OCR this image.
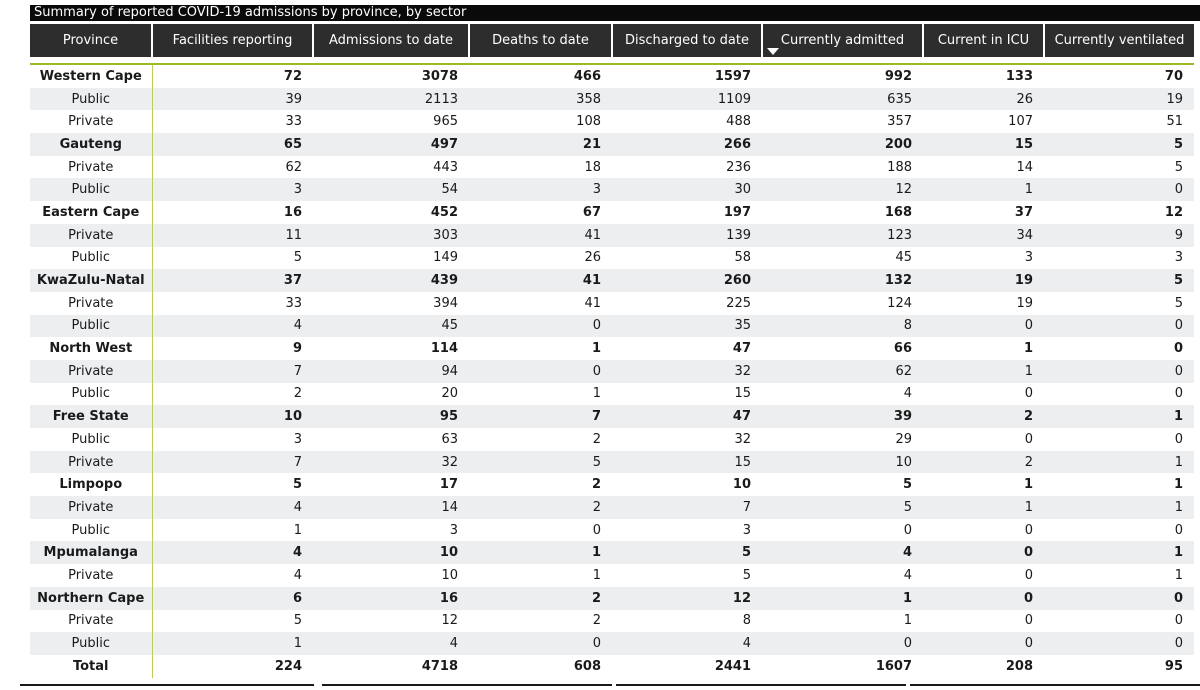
Summary of reported COVID-19 admissions by province, by sector
Province	Facilities reporting	Admissions to date	Deaths to date	Discharged to date	Currently admitted	Current in ICU	Currently ventilated

Western Cape	72	3078	466	1597	992	133	70
Public	39	2113	358	1109	635	26	19
Private	33	965	108	488	357	107	51
Gauteng	65	497	21	266	200	15	5
Private	62	443	18	236	188	14	5
Public	3	54	3	30	12	1	0
Eastern Cape	16	452	67	197	168	37	12
Private	11	303	41	139	123	34	9
Public	5	149	26	58	45	3	3
KwaZulu-Natal	37	439	41	260	132	19	5
Private	33	394	41	225	124	19	5
Public	4	45	0	35	8	0	0
North West	9	114	1	47	66	1	0
Private	7	94	0	32	62	1	0
Public	2	20	1	15	4	0	0
Free State	10	95	7	47	39	2	1
Public	3	63	2	32	29	0	0
Private	7	32	5	15	10	2	1
Limpopo	5	17	2	10	5	1	1
Private	4	14	2	7	5	1	1
Public	1	3	0	3	0	0	0
Mpumalanga	4	10	1	5	4	0	1
Private	4	10	1	5	4	0	1
Northern Cape	6	16	2	12	1	0	0
Private	5	12	2	8	1	0	0
Public	1	4	0	4	0	0	0
Total	224	4718	608	2441	1607	208	95
